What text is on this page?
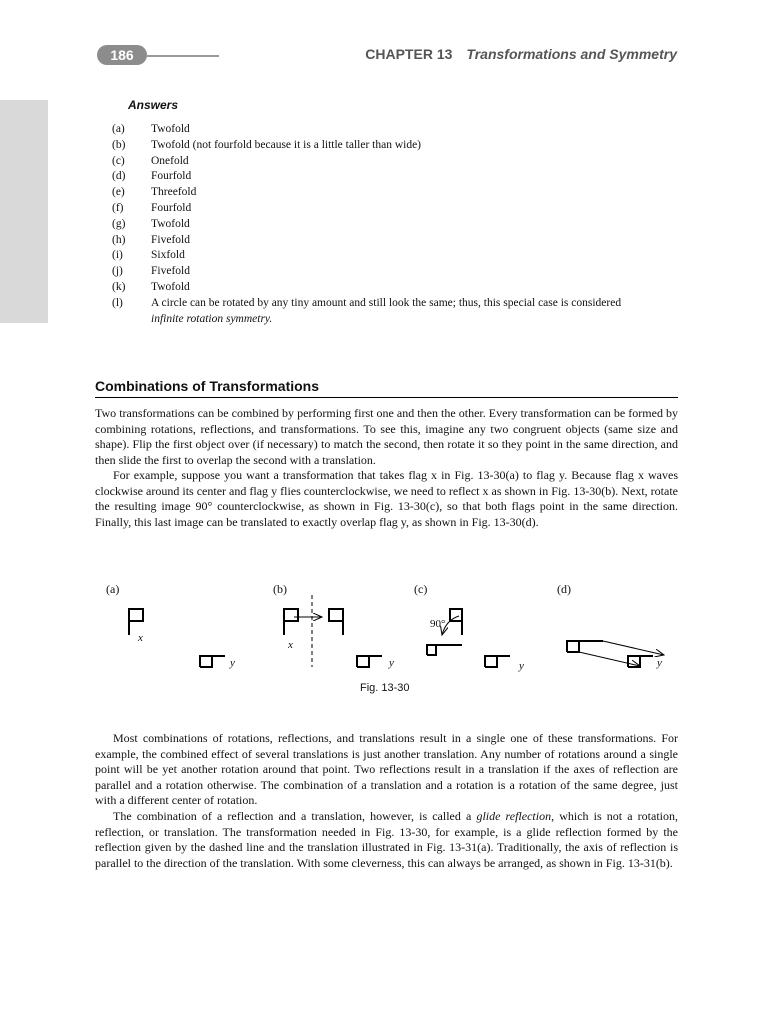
186	CHAPTER 13 Transformations and Symmetry
Answers
(a)	Twofold
(b)	Twofold (not fourfold because it is a little taller than wide)
(c)	Onefold
(d)	Fourfold
(e)	Threefold
(f)	Fourfold
(g)	Twofold
(h)	Fivefold
(i)	Sixfold
(j)	Fivefold
(k)	Twofold
(l)	A circle can be rotated by any tiny amount and still look the same; thus, this special case is considered
infinite rotation symmetry.
Combinations of Transformations

Two transformations can be combined by performing first one and then the other. Every transformation can be formed by combining rotations, reflections, and transformations. To see this, imagine any two congruent objects (same size and shape). Flip the first object over (if necessary) to match the second, then rotate it so they point in the same direction, and then slide the first to overlap the second with a translation.

For example, suppose you want a transformation that takes flag x in Fig. 13-30(a) to flag y. Because flag x waves clockwise around its center and flag y flies counterclockwise, we need to reflect x as shown in Fig. 13-30(b). Next, rotate the resulting image 90° counterclockwise, as shown in Fig. 13-30(c), so that both flags point in the same direction. Finally, this last image can be translated to exactly overlap flag y, as shown in Fig. 13-30(d).

(a)	(b)	(c)	(d)
x
y
x
y
90°
y	y
Fig. 13-30

Most combinations of rotations, reflections, and translations result in a single one of these transformations. For example, the combined effect of several translations is just another translation. Any number of rotations around a single point will be yet another rotation around that point. Two reflections result in a translation if the axes of reflection are parallel and a rotation otherwise. The combination of a translation and a rotation is a rotation of the same degree, just with a different center of rotation.

The combination of a reflection and a translation, however, is called a glide reflection, which is not a rotation, reflection, or translation. The transformation needed in Fig. 13-30, for example, is a glide reflection formed by the reflection given by the dashed line and the translation illustrated in Fig. 13-31(a). Traditionally, the axis of reflection is parallel to the direction of the translation. With some cleverness, this can always be arranged, as shown in Fig. 13-31(b).
